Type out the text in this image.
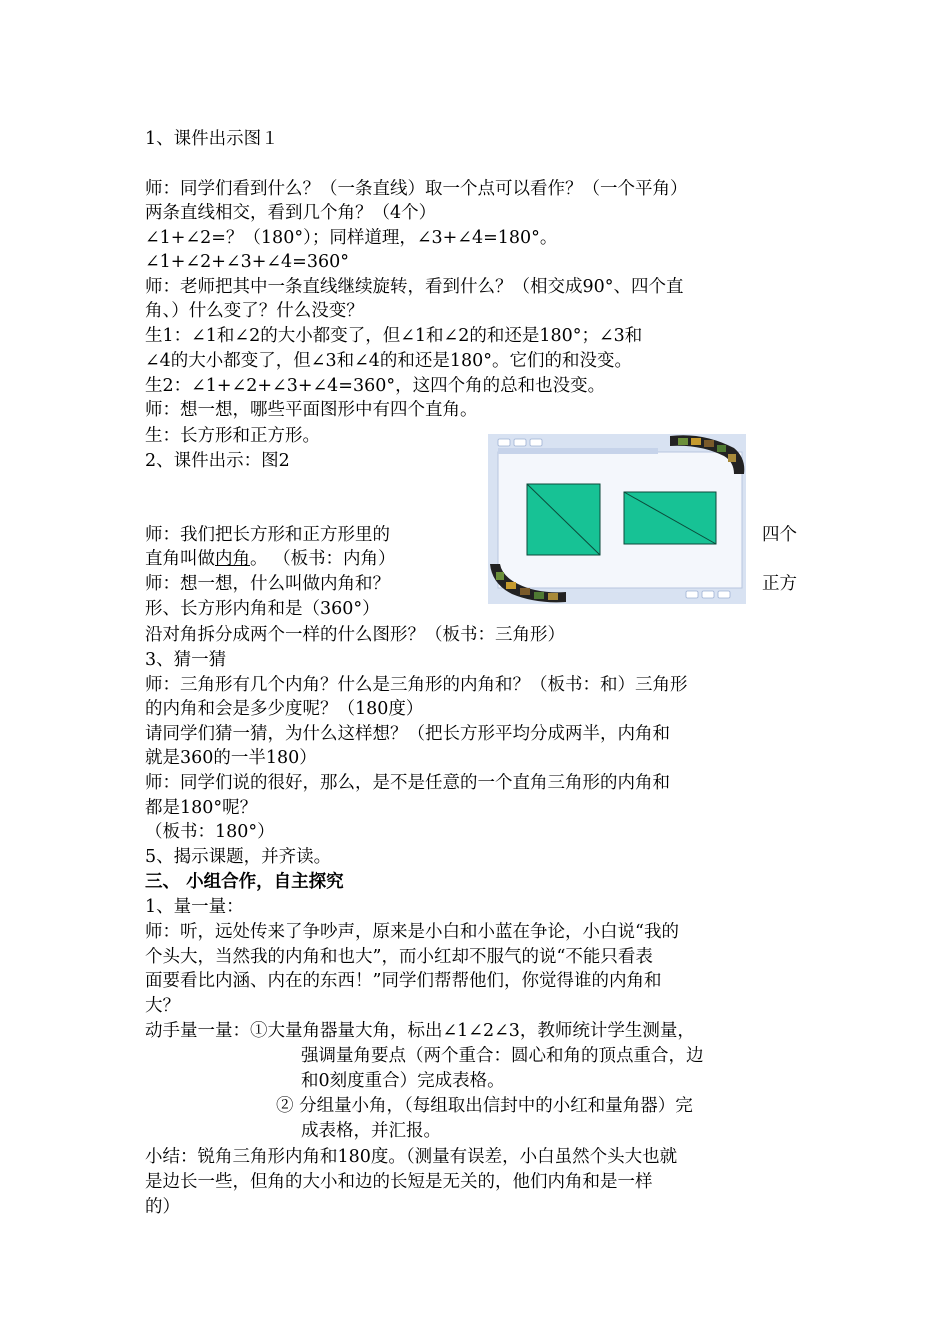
1、课件出示图１
师：同学们看到什么？（一条直线）取一个点可以看作？（一个平角）
两条直线相交，看到几个角？（4个）
∠1+∠2=？（180°）；同样道理，∠3+∠4=180°。
∠1+∠2+∠3+∠4=360°
师：老师把其中一条直线继续旋转，看到什么？（相交成90°、四个直
角、）什么变了？什么没变？
生1：∠1和∠2的大小都变了，但∠1和∠2的和还是180°；∠3和
∠4的大小都变了，但∠3和∠4的和还是180°。它们的和没变。
生2：∠1+∠2+∠3+∠4=360°，这四个角的总和也没变。
师：想一想，哪些平面图形中有四个直角。
生：长方形和正方形。
2、课件出示：图2
师：我们把长方形和正方形里的	四个
直角叫做内角。 （板书：内角）
师：想一想，什么叫做内角和？	正方
形、长方形内角和是（360°）
沿对角拆分成两个一样的什么图形？（板书：三角形）
3、猜一猜
师：三角形有几个内角？什么是三角形的内角和？（板书：和）三角形
的内角和会是多少度呢？（180度）
请同学们猜一猜，为什么这样想？（把长方形平均分成两半，内角和
就是360的一半180）
师：同学们说的很好，那么，是不是任意的一个直角三角形的内角和
都是180°呢？
（板书：180°）
5、揭示课题，并齐读。
三、 小组合作，自主探究
1、量一量：
师：听，远处传来了争吵声，原来是小白和小蓝在争论，小白说“我的
个头大，当然我的内角和也大”，而小红却不服气的说“不能只看表
面要看比内涵、内在的东西！”同学们帮帮他们，你觉得谁的内角和
大？
动手量一量：①大量角器量大角，标出∠1∠2∠3，教师统计学生测量，
强调量角要点（两个重合：圆心和角的顶点重合，边
和0刻度重合）完成表格。
② 分组量小角，（每组取出信封中的小红和量角器）完
成表格，并汇报。
小结：锐角三角形内角和180度。（测量有误差，小白虽然个头大也就
是边长一些，但角的大小和边的长短是无关的，他们内角和是一样
的）
